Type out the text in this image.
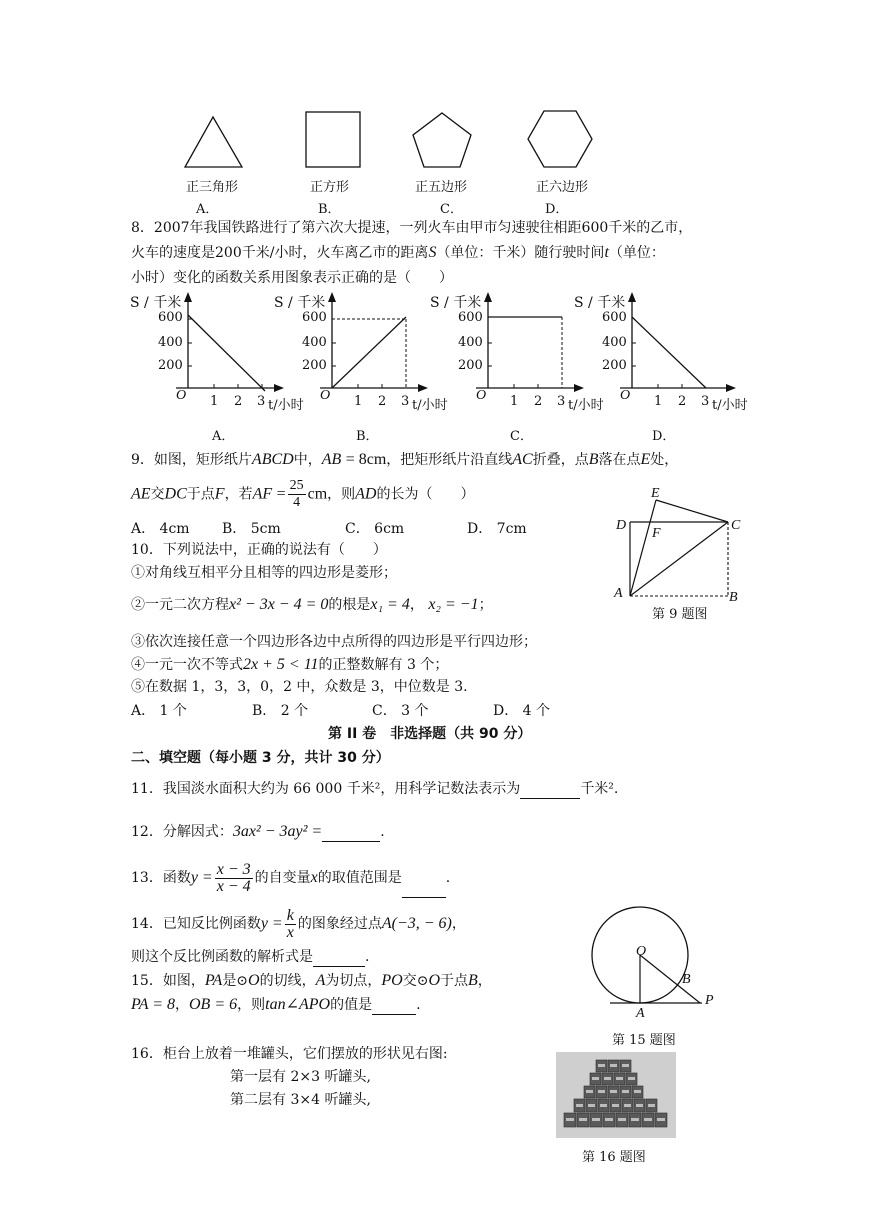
正三角形	正方形	正五边形	正六边形
A．	B．	C．	D．
8．2007年我国铁路进行了第六次大提速，一列火车由甲市匀速驶往相距600千米的乙市，
火车的速度是200千米/小时，火车离乙市的距离S（单位：千米）随行驶时间t（单位：
小时）变化的函数关系用图象表示正确的是（　　）
S / 千米
600
400
200
O 1 2 3 t/小时
A．
S / 千米
600
400
200
O 1 2 3 t/小时
B．
S / 千米
600
400
200
O 1 2 3 t/小时
C．
S / 千米
600
400
200
O 1 2 3 t/小时
D．
9．如图，矩形纸片ABCD中，AB = 8cm，把矩形纸片沿直线AC折叠，点B落在点E处，
AE交DC于点F，若AF = $\frac{25}{4}$ cm，则AD的长为（　　）
A． 4cm B． 5cm	C． 6cm	D． 7cm
E
D	C
F
A	B
第 9 题图
10．下列说法中，正确的说法有（　　）
①对角线互相平分且相等的四边形是菱形；
②一元二次方程x² − 3x − 4 = 0的根是x₁ = 4， x₂ = −1；
③依次连接任意一个四边形各边中点所得的四边形是平行四边形；
④一元一次不等式2x + 5 < 11的正整数解有 3 个；
⑤在数据 1，3，3，0，2 中，众数是 3，中位数是 3.
A． 1 个	B． 2 个	C． 3 个	D． 4 个
第 II 卷　非选择题（共 90 分）
二、填空题（每小题 3 分，共计 30 分）
11．我国淡水面积大约为 66 000 千米²，用科学记数法表示为	千米².
12．分解因式：3ax² − 3ay² =	.
13．函数$y = \frac{x - 3}{x - 4}$ 的自变量x的取值范围是	.
14．已知反比例函数$y = \frac{k}{x}$ 的图象经过点A(−3, − 6)，
则这个反比例函数的解析式是	.
15．如图，PA是⊙O的切线，A为切点，PO交⊙O于点B，
PA = 8，OB = 6，则tan∠APO的值是	.
O
B
P
A
第 15 题图
16．柜台上放着一堆罐头，它们摆放的形状见右图:
第一层有 2×3 听罐头,
第二层有 3×4 听罐头,
第 16 题图
